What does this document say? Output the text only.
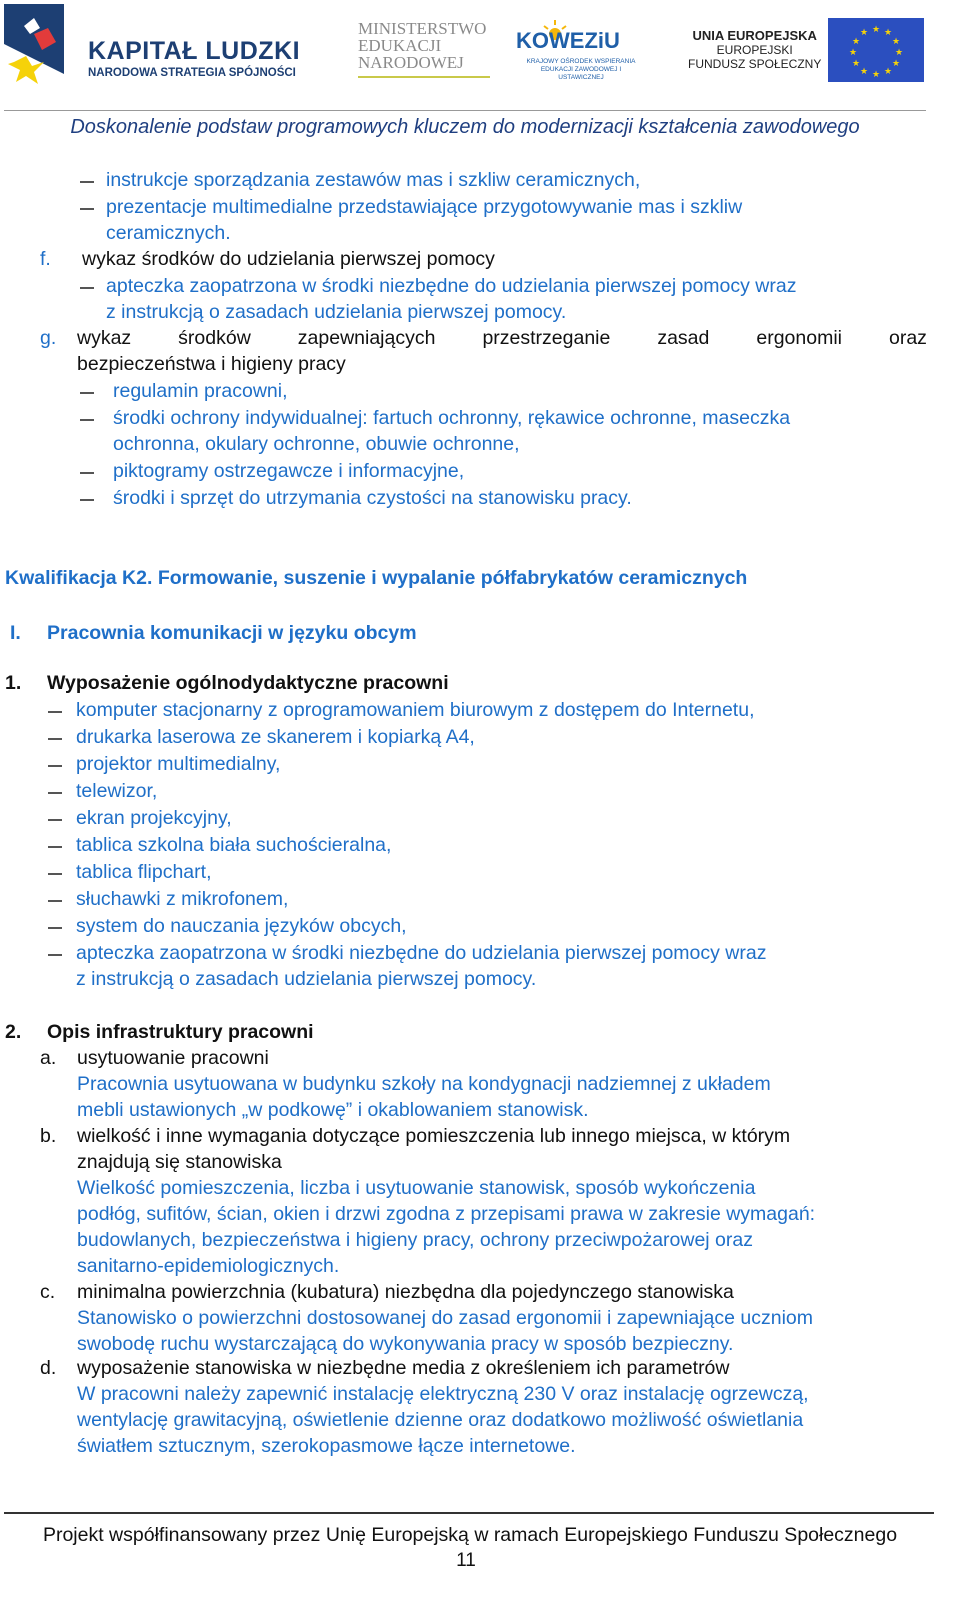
KAPITAŁ LUDZKI
NARODOWA STRATEGIA SPÓJNOŚCI
MINISTERSTWO
EDUKACJI
NARODOWEJ
KOWEZiU
KRAJOWY OŚRODEK WSPIERANIA EDUKACJI ZAWODOWEJ I USTAWICZNEJ
UNIA EUROPEJSKA
EUROPEJSKI
FUNDUSZ SPOŁECZNY
★ ★
★
★
★
★
★
★
★
★
★
★
Doskonalenie podstaw programowych kluczem do modernizacji kształcenia zawodowego
instrukcje sporządzania zestawów mas i szkliw ceramicznych,
prezentacje multimedialne przedstawiające przygotowywanie mas i szkliw
ceramicznych.
f. wykaz środków do udzielania pierwszej pomocy
apteczka zaopatrzona w środki niezbędne do udzielania pierwszej pomocy wraz
z instrukcją o zasadach udzielania pierwszej pomocy.
g. wykaz środków zapewniających przestrzeganie zasad ergonomii oraz
bezpieczeństwa i higieny pracy
regulamin pracowni,
środki ochrony indywidualnej: fartuch ochronny, rękawice ochronne, maseczka
ochronna, okulary ochronne, obuwie ochronne,
piktogramy ostrzegawcze i informacyjne,
środki i sprzęt do utrzymania czystości na stanowisku pracy.
Kwalifikacja K2. Formowanie, suszenie i wypalanie półfabrykatów ceramicznych
I. Pracownia komunikacji w języku obcym
1. Wyposażenie ogólnodydaktyczne pracowni
komputer stacjonarny z oprogramowaniem biurowym z dostępem do Internetu,
drukarka laserowa ze skanerem i kopiarką A4,
projektor multimedialny,
telewizor,
ekran projekcyjny,
tablica szkolna biała suchościeralna,
tablica flipchart,
słuchawki z mikrofonem,
system do nauczania języków obcych,
apteczka zaopatrzona w środki niezbędne do udzielania pierwszej pomocy wraz
z instrukcją o zasadach udzielania pierwszej pomocy.
2. Opis infrastruktury pracowni
a. usytuowanie pracowni
Pracownia usytuowana w budynku szkoły na kondygnacji nadziemnej z układem
mebli ustawionych „w podkowę” i okablowaniem stanowisk.
b. wielkość i inne wymagania dotyczące pomieszczenia lub innego miejsca, w którym
znajdują się stanowiska
Wielkość pomieszczenia, liczba i usytuowanie stanowisk, sposób wykończenia
podłóg, sufitów, ścian, okien i drzwi zgodna z przepisami prawa w zakresie wymagań:
budowlanych, bezpieczeństwa i higieny pracy, ochrony przeciwpożarowej oraz
sanitarno-epidemiologicznych.
c. minimalna powierzchnia (kubatura) niezbędna dla pojedynczego stanowiska
Stanowisko o powierzchni dostosowanej do zasad ergonomii i zapewniające uczniom
swobodę ruchu wystarczającą do wykonywania pracy w sposób bezpieczny.
d. wyposażenie stanowiska w niezbędne media z określeniem ich parametrów
W pracowni należy zapewnić instalację elektryczną 230 V oraz instalację ogrzewczą,
wentylację grawitacyjną, oświetlenie dzienne oraz dodatkowo możliwość oświetlania
światłem sztucznym, szerokopasmowe łącze internetowe.
Projekt współfinansowany przez Unię Europejską w ramach Europejskiego Funduszu Społecznego
11
